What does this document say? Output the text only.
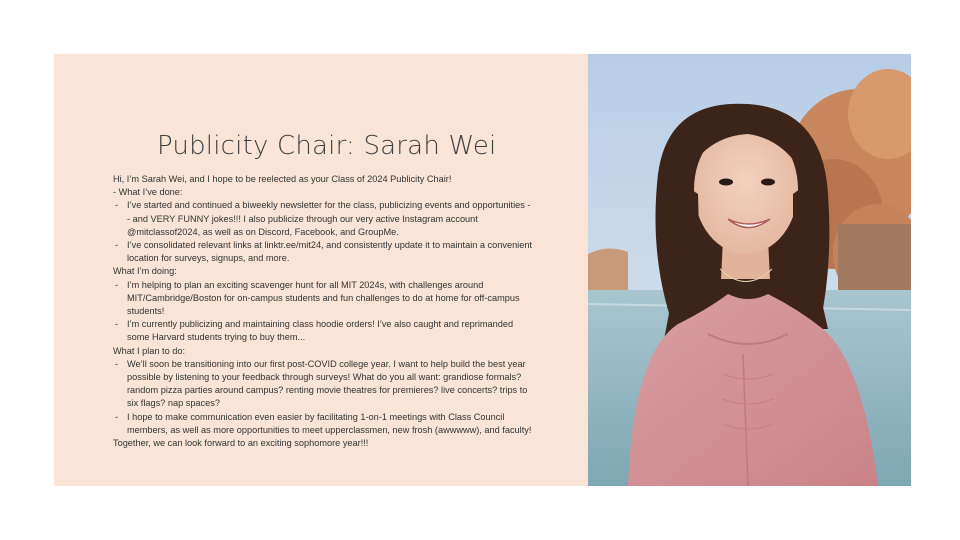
Publicity Chair: Sarah Wei

Hi, I’m Sarah Wei, and I hope to be reelected as your Class of 2024 Publicity Chair!

- What I’ve done:

- I’ve started and continued a biweekly newsletter for the class, publicizing events and opportunities -- and VERY FUNNY jokes!!! I also publicize through our very active Instagram account @mitclassof2024, as well as on Discord, Facebook, and GroupMe.
- I’ve consolidated relevant links at linktr.ee/mit24, and consistently update it to maintain a convenient location for surveys, signups, and more.

What I’m doing:

- I’m helping to plan an exciting scavenger hunt for all MIT 2024s, with challenges around MIT/Cambridge/Boston for on-campus students and fun challenges to do at home for off-campus students!
- I’m currently publicizing and maintaining class hoodie orders! I’ve also caught and reprimanded some Harvard students trying to buy them...

What I plan to do:

- We’ll soon be transitioning into our first post-COVID college year. I want to help build the best year possible by listening to your feedback through surveys! What do you all want: grandiose formals? random pizza parties around campus? renting movie theatres for premieres? live concerts? trips to six flags? nap spaces?
- I hope to make communication even easier by facilitating 1-on-1 meetings with Class Council members, as well as more opportunities to meet upperclassmen, new frosh (awwwww), and faculty!

Together, we can look forward to an exciting sophomore year!!!
